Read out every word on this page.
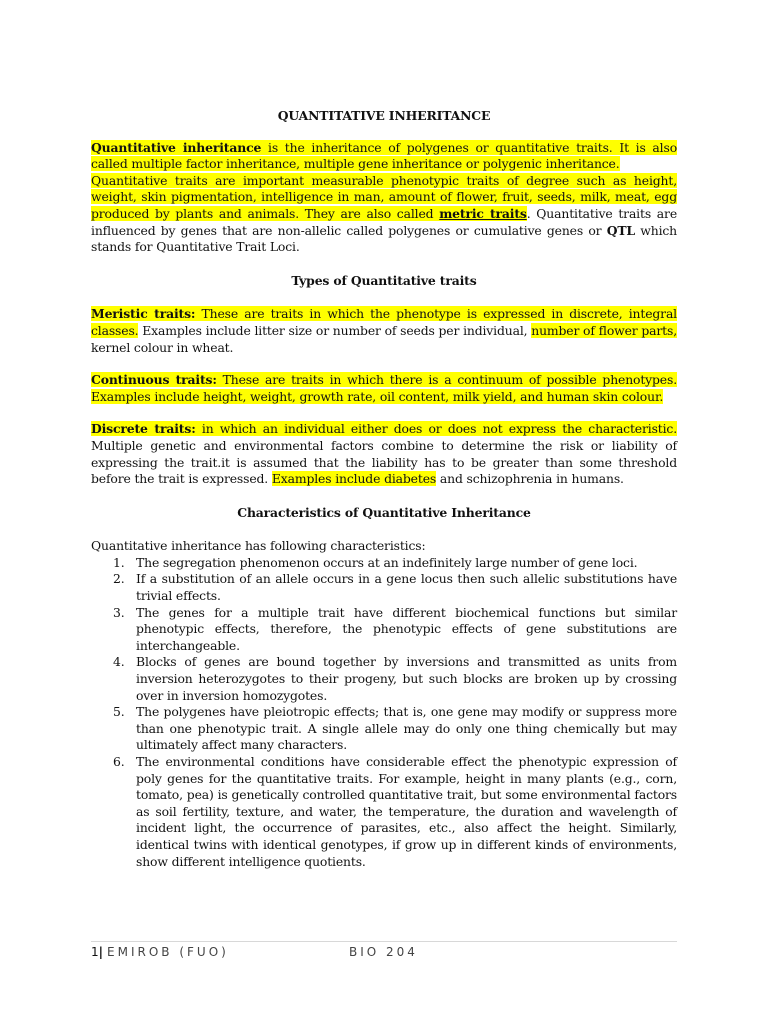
QUANTITATIVE INHERITANCE

Quantitative inheritance is the inheritance of polygenes or quantitative traits. It is also called multiple factor inheritance, multiple gene inheritance or polygenic inheritance.
Quantitative traits are important measurable phenotypic traits of degree such as height, weight, skin pigmentation, intelligence in man, amount of flower, fruit, seeds, milk, meat, egg produced by plants and animals. They are also called metric traits. Quantitative traits are influenced by genes that are non-allelic called polygenes or cumulative genes or QTL which stands for Quantitative Trait Loci.

Types of Quantitative traits

Meristic traits: These are traits in which the phenotype is expressed in discrete, integral classes. Examples include litter size or number of seeds per individual, number of flower parts, kernel colour in wheat.

Continuous traits: These are traits in which there is a continuum of possible phenotypes. Examples include height, weight, growth rate, oil content, milk yield, and human skin colour.

Discrete traits: in which an individual either does or does not express the characteristic. Multiple genetic and environmental factors combine to determine the risk or liability of expressing the trait.it is assumed that the liability has to be greater than some threshold before the trait is expressed. Examples include diabetes and schizophrenia in humans.

Characteristics of Quantitative Inheritance

Quantitative inheritance has following characteristics:

1. The segregation phenomenon occurs at an indefinitely large number of gene loci.
2. If a substitution of an allele occurs in a gene locus then such allelic substitutions have trivial effects.
3. The genes for a multiple trait have different biochemical functions but similar phenotypic effects, therefore, the phenotypic effects of gene substitutions are interchangeable.
4. Blocks of genes are bound together by inversions and transmitted as units from inversion heterozygotes to their progeny, but such blocks are broken up by crossing over in inversion homozygotes.
5. The polygenes have pleiotropic effects; that is, one gene may modify or suppress more than one phenotypic trait. A single allele may do only one thing chemically but may ultimately affect many characters.
6. The environmental conditions have considerable effect the phenotypic expression of poly genes for the quantitative traits. For example, height in many plants (e.g., corn, tomato, pea) is genetically controlled quantitative trait, but some environmental factors as soil fertility, texture, and water, the temperature, the duration and wavelength of incident light, the occurrence of parasites, etc., also affect the height. Similarly, identical twins with identical genotypes, if grow up in different kinds of environments, show different intelligence quotients.
1| EMIROB (FUO)	BIO 204
